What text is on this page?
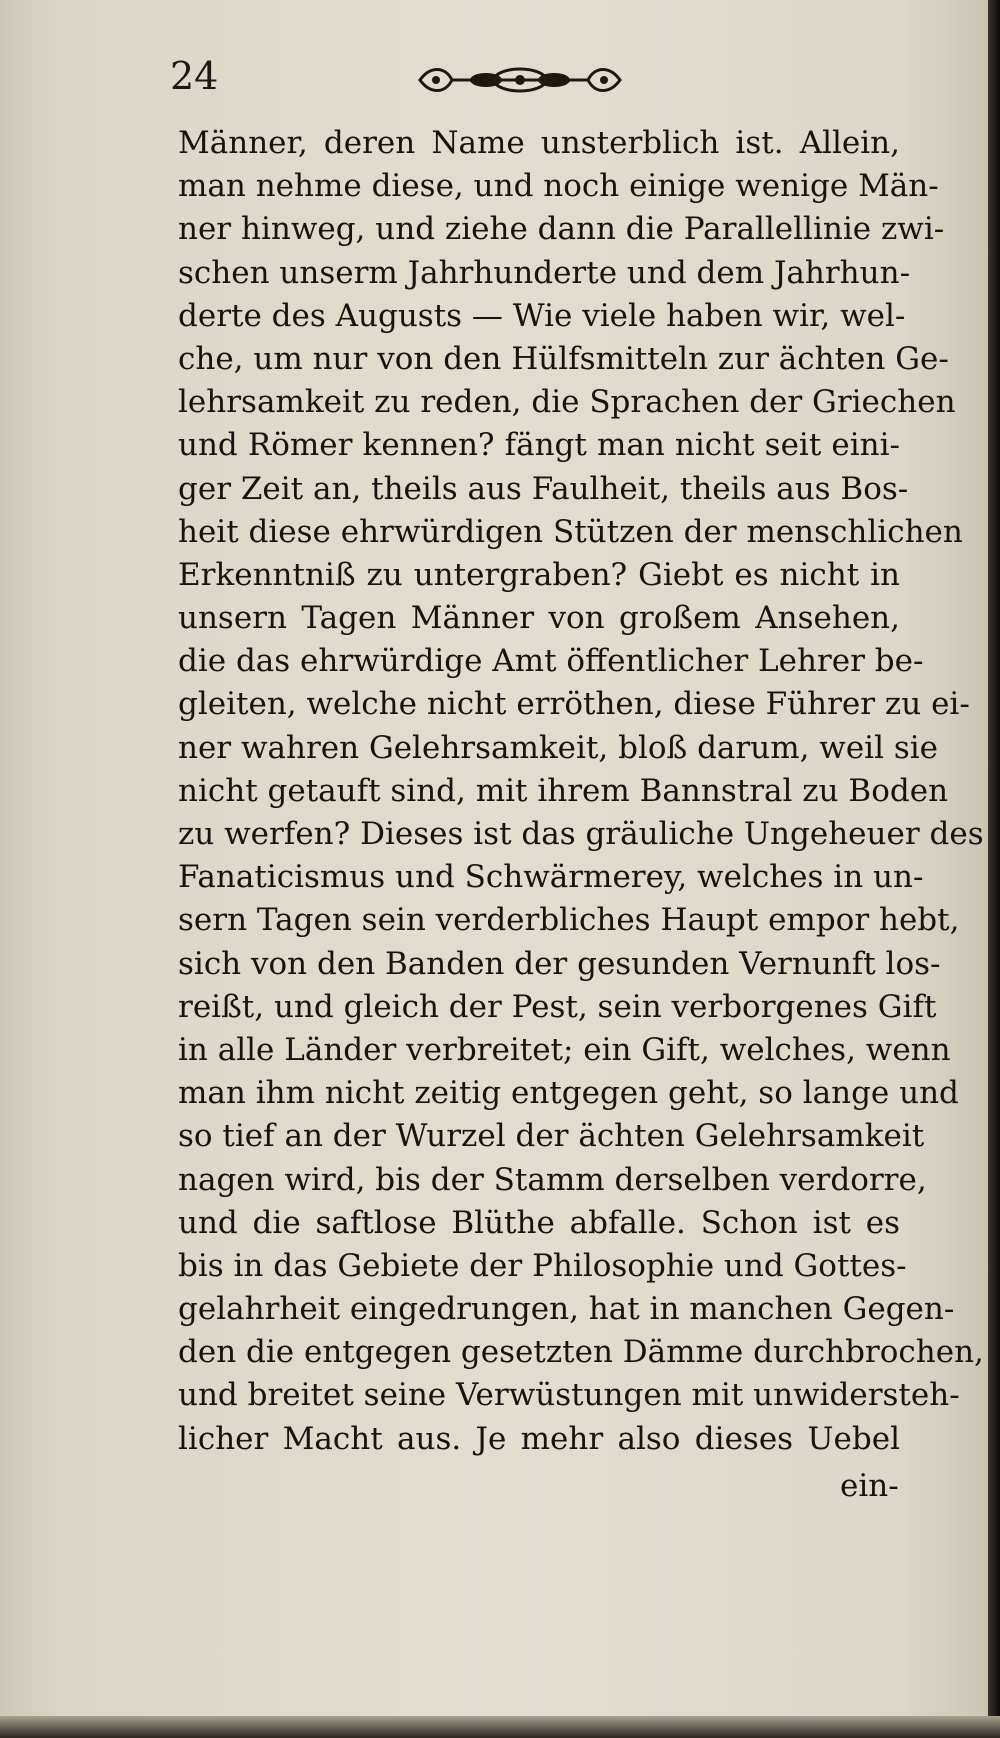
24
Männer, deren Name unsterblich ist. Allein,
man nehme diese, und noch einige wenige Män-
ner hinweg, und ziehe dann die Parallellinie zwi-
schen unserm Jahrhunderte und dem Jahrhun-
derte des Augusts — Wie viele haben wir, wel-
che, um nur von den Hülfsmitteln zur ächten Ge-
lehrsamkeit zu reden, die Sprachen der Griechen
und Römer kennen? fängt man nicht seit eini-
ger Zeit an, theils aus Faulheit, theils aus Bos-
heit diese ehrwürdigen Stützen der menschlichen
Erkenntniß zu untergraben? Giebt es nicht in
unsern Tagen Männer von großem Ansehen,
die das ehrwürdige Amt öffentlicher Lehrer be-
gleiten, welche nicht erröthen, diese Führer zu ei-
ner wahren Gelehrsamkeit, bloß darum, weil sie
nicht getauft sind, mit ihrem Bannstral zu Boden
zu werfen? Dieses ist das gräuliche Ungeheuer des
Fanaticismus und Schwärmerey, welches in un-
sern Tagen sein verderbliches Haupt empor hebt,
sich von den Banden der gesunden Vernunft los-
reißt, und gleich der Pest, sein verborgenes Gift
in alle Länder verbreitet; ein Gift, welches, wenn
man ihm nicht zeitig entgegen geht, so lange und
so tief an der Wurzel der ächten Gelehrsamkeit
nagen wird, bis der Stamm derselben verdorre,
und die saftlose Blüthe abfalle. Schon ist es
bis in das Gebiete der Philosophie und Gottes-
gelahrheit eingedrungen, hat in manchen Gegen-
den die entgegen gesetzten Dämme durchbrochen,
und breitet seine Verwüstungen mit unwidersteh-
licher Macht aus. Je mehr also dieses Uebel
ein-
